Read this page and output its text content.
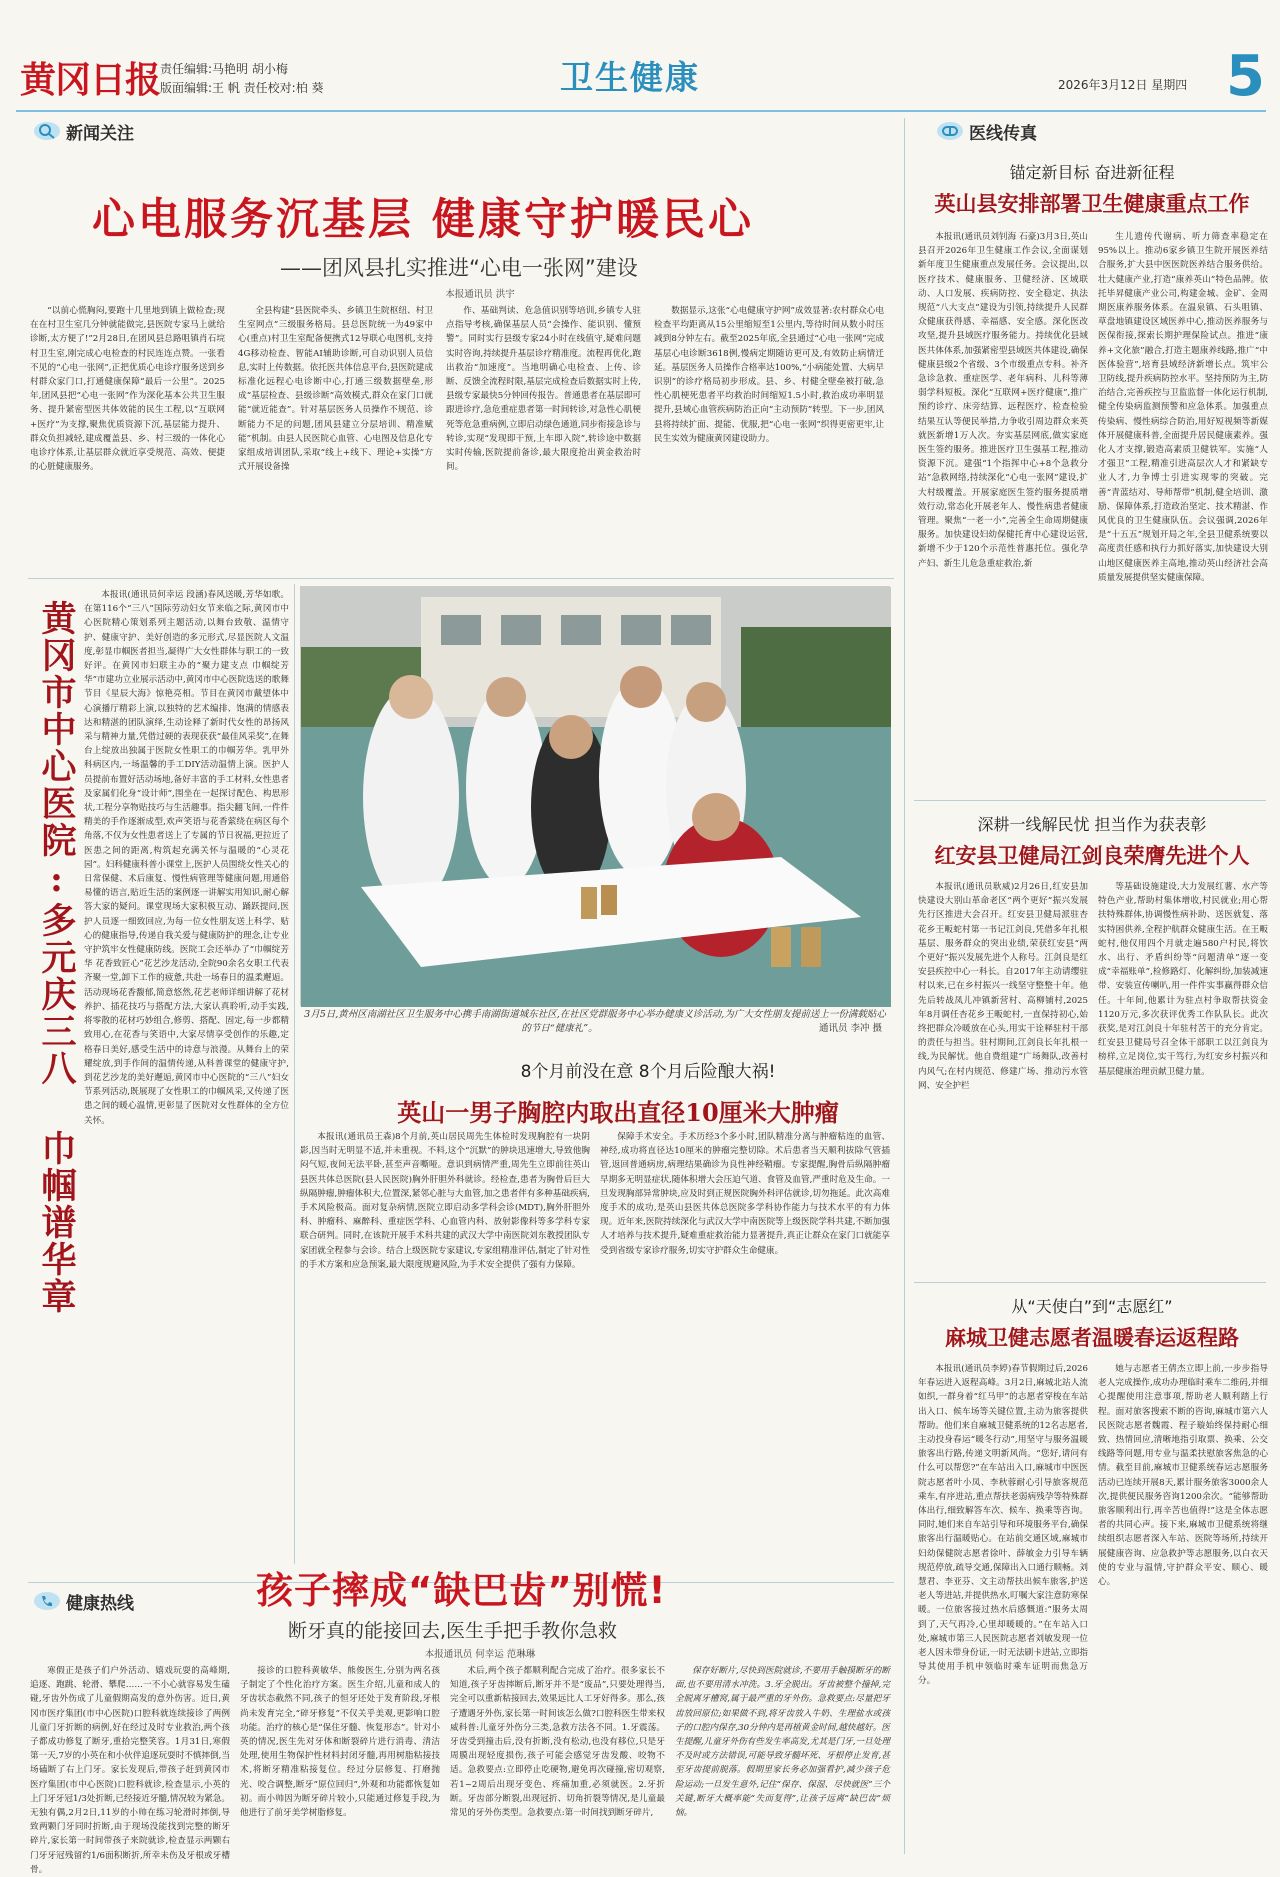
黄冈日报 责任编辑:马艳明 胡小梅
版面编辑:王 帆 责任校对:柏 葵	卫生健康	2026年3月12日 星期四 5
新闻关注	医线传真
心电服务沉基层 健康守护暖民心
——团风县扎实推进“心电一张网”建设
本报通讯员 洪宇

“以前心慌胸闷,要跑十几里地到镇上做检查;现在在村卫生室几分钟就能做完,县医院专家马上就给诊断,太方便了!”2月28日,在团风县总路咀镇肖石垸村卫生室,刚完成心电检查的村民连连点赞。一张看不见的“心电一张网”,正把优质心电诊疗服务送到乡村群众家门口,打通健康保障“最后一公里”。2025年,团风县把“心电一张网”作为深化基本公共卫生服务、提升紧密型医共体效能的民生工程,以“互联网+医疗”为支撑,聚焦优质资源下沉,基层能力提升、群众负担减轻,建成覆盖县、乡、村三级的一体化心电诊疗体系,让基层群众就近享受规范、高效、便捷的心脏健康服务。

全县构建“县医院牵头、乡镇卫生院枢纽、村卫生室网点”三级服务格局。县总医院统一为49家中心(重点)村卫生室配备便携式12导联心电图机,支持4G移动检查、智能AI辅助诊断,可自动识别人员信息,实时上传数据。依托医共体信息平台,县医院建成标准化远程心电诊断中心,打通三级数据壁垒,形成“基层检查、县级诊断”高效模式,群众在家门口就能“就近能查”。针对基层医务人员操作不规范、诊断能力不足的问题,团风县建立分层培训、精准赋能”机制。由县人民医院心血管、心电图及信息化专家组成培训团队,采取“线上+线下、理论+实操”方式开展设备操

作、基础判读、危急值识别等培训,乡镇专人驻点指导考核,确保基层人员“会操作、能识别、懂预警”。同时实行县级专家24小时在线值守,疑难问题实时咨询,持续提升基层诊疗精准度。流程再优化,跑出救治“加速度”。当地明确心电检查、上传、诊断、反馈全流程时限,基层完成检查后数据实时上传,县级专家最快5分钟回传报告。普通患者在基层即可跟进诊疗,急危重症患者第一时间转诊,对急性心肌梗死等危急重病例,立即启动绿色通道,同步衔接急诊与转诊,实现“发现即干预,上车即入院”,转诊途中数据实时传输,医院提前备诊,最大限度抢出黄金救治时间。

数据显示,这张“心电健康守护网”成效显著:农村群众心电检查平均距离从15公里缩短至1公里内,等待时间从数小时压减到8分钟左右。截至2025年底,全县通过“心电一张网”完成基层心电诊断3618例,慢病定期随访更可及,有效防止病情迁延。基层医务人员操作合格率达100%,“小病能处置、大病早识别”的诊疗格局初步形成。县、乡、村健全壁垒被打破,急性心肌梗死患者平均救治时间缩短1.5小时,救治成功率明显提升,县域心血管疾病防治正向“主动预防”转型。下一步,团风县将持续扩面、提能、优服,把“心电一张网”织得更密更牢,让民生实效为健康黄冈建设助力。

黄冈市中心医院:多元庆三八 巾帼谱华章

本报讯(通讯员何幸运 段涵)春风送暖,芳华如歌。在第116个“三八”国际劳动妇女节来临之际,黄冈市中心医院精心策划系列主题活动,以舞台致敬、温情守护、健康守护、美好创造的多元形式,尽显医院人文温度,彰显巾帼医者担当,凝得广大女性群体与职工的一致好评。在黄冈市妇联主办的“聚力建支点 巾帼绽芳华”市建功立业展示活动中,黄冈市中心医院选送的歌舞节目《星辰大海》惊艳亮相。节目在黄冈市戴望体中心演播厅精彩上演,以独特的艺术编排、饱满的情感表达和精湛的团队演绎,生动诠释了新时代女性的昂扬风采与精神力量,凭借过硬的表现获获“最佳风采奖”,在舞台上绽放出独属于医院女性职工的巾帼芳华。乳甲外科病区内,一场温馨的手工DIY活动温情上演。医护人员提前布置好活动场地,备好丰富的手工材料,女性患者及家属们化身“设计师”,围坐在一起探讨配色、构思形状,工程分享物贴技巧与生活趣事。指尖翻飞间,一件件精美的手作逐渐成型,欢声笑语与花香萦绕在病区每个角落,不仅为女性患者送上了专属的节日祝福,更拉近了医患之间的距离,构筑起充满关怀与温暖的“心灵花园”。妇科健康科普小课堂上,医护人员围绕女性关心的日常保健、术后康复、慢性病管理等健康问题,用通俗易懂的语言,贴近生活的案例逐一讲解实用知识,耐心解答大家的疑问。课堂现场大家积极互动、踊跃提问,医护人员逐一细致回应,为每一位女性朋友送上科学、贴心的健康指导,传递自我关爱与健康防护的理念,让专业守护筑牢女性健康防线。医院工会还举办了“巾帼绽芳华 花香致匠心”花艺沙龙活动,全院90余名女职工代表齐聚一堂,卸下工作的疲惫,共赴一场春日的温柔邂逅。活动现场花香馥郁,简意悠然,花艺老师详细讲解了花材养护、插花技巧与搭配方法,大家认真聆听,动手实践,将零散的花材巧妙组合,修剪、搭配、固定,每一步都精致用心,在花香与笑语中,大家尽情享受创作的乐趣,定格春日美好,感受生活中的诗意与浪漫。从舞台上的荣耀绽放,到手作间的温情传递,从科普课堂的健康守护,到花艺沙龙的美好邂逅,黄冈市中心医院的“三八”妇女节系列活动,既展现了女性职工的巾帼风采,又传递了医患之间的暖心温情,更彰显了医院对女性群体的全方位关怀。

3月5日,黄州区南湖社区卫生服务中心携手南湖街道城东社区,在社区党群服务中心举办健康义诊活动,为广大女性朋友提前送上一份满载贴心的节日“健康礼”。	通讯员 李冲 摄
8个月前没在意 8个月后险酿大祸!
英山一男子胸腔内取出直径10厘米大肿瘤

本报讯(通讯员王森)8个月前,英山居民周先生体检时发现胸腔有一块阴影,因当时无明显不适,并未重视。不料,这个“沉默”的肿块迅速增大,导致他胸闷气短,夜间无法平卧,甚至声音嘶哑。意识到病情严重,周先生立即前往英山县医共体总医院(县人民医院)胸外肝胆外科就诊。经检查,患者为胸骨后巨大纵隔肿瘤,肿瘤体积大,位置深,紧邻心脏与大血管,加之患者伴有多种基础疾病,手术风险极高。面对复杂病情,医院立即启动多学科会诊(MDT),胸外肝胆外科、肿瘤科、麻醉科、重症医学科、心血管内科、放射影像科等多学科专家联合研判。同时,在该院开展手术科共建的武汉大学中南医院刘东教授团队专家团就全程参与会诊。结合上级医院专家建议,专家组精准评估,制定了针对性的手术方案和应急预案,最大限度规避风险,为手术安全提供了强有力保障。

保障手术安全。手术历经3个多小时,团队精准分离与肿瘤粘连的血管、神经,成功将直径达10厘米的肿瘤完整切除。术后患者当天顺利拔除气管插管,返回普通病房,病理结果确诊为良性神经鞘瘤。专家提醒,胸骨后纵隔肿瘤早期多无明显症状,随体积增大会压迫气道、食管及血管,严重时危及生命。一旦发现胸部异常肿块,应及时到正规医院胸外科评估就诊,切勿拖延。此次高难度手术的成功,是英山县医共体总医院多学科协作能力与技术水平的有力体现。近年来,医院持续深化与武汉大学中南医院等上级医院学科共建,不断加强人才培养与技术提升,疑难重症救治能力显著提升,真正让群众在家门口就能享受到省级专家诊疗服务,切实守护群众生命健康。

健康热线	孩子摔成“缺巴齿”别慌!
断牙真的能接回去,医生手把手教你急救
本报通讯员 何幸运 范琳琳

寒假正是孩子们户外活动、嬉戏玩耍的高峰期,追逐、跑跳、轮滑、攀爬……一不小心就容易发生磕碰,牙齿外伤成了儿童假期高发的意外伤害。近日,黄冈市医疗集团(市中心医院)口腔科就连续接诊了两例儿童门牙折断的病例,好在经过及时专业救治,两个孩子都成功修复了断牙,重拾完整笑容。1月31日,寒假第一天,7岁的小英在和小伙伴追逐玩耍时不慎摔倒,当场磕断了右上门牙。家长发现后,带孩子赶到黄冈市医疗集团(市中心医院)口腔科就诊,检查显示,小英的上门牙牙冠1/3处折断,已经接近牙髓,情况较为紧急。无独有偶,2月2日,11岁的小帅在练习轮滑时摔倒,导致两颗门牙同时折断,由于现场没能找到完整的断牙碎片,家长第一时间带孩子来院就诊,检查显示两颗右门牙牙冠残留约1/6面积断折,所幸未伤及牙根或牙槽骨。

接诊的口腔科黄敏华、熊俊医生,分别为两名孩子制定了个性化治疗方案。医生介绍,儿童和成人的牙齿状态截然不同,孩子的恒牙还处于发育阶段,牙根尚未发育完全,“碎牙修复”不仅关乎美观,更影响口腔功能。治疗的核心是“保住牙髓、恢复形态”。针对小英的情况,医生先对牙体和断裂碎片进行消毒、清洁处理,使用生物保护性材料封闭牙髓,再用树脂粘接技术,将断牙精准粘接复位。经过分层修复、打磨抛光、咬合调整,断牙“原位回归”,外观和功能都恢复如初。而小帅因为断牙碎片较小,只能通过修复手段,为他进行了前牙美学树脂修复。

术后,两个孩子都顺利配合完成了治疗。很多家长不知道,孩子牙齿摔断后,断牙并不是“废品”,只要处理得当,完全可以重新粘接回去,效果远比人工牙好得多。那么,孩子遭遇牙外伤,家长第一时间该怎么做?口腔科医生带来权威科普:儿童牙外伤分三类,急救方法各不同。1.牙震荡。牙齿受到撞击后,没有折断,没有松动,也没有移位,只是牙周膜出现轻度损伤,孩子可能会感觉牙齿发酸、咬物不适。急救要点:立即停止吃硬物,避免再次碰撞,密切观察,若1~2周后出现牙变色、疼痛加重,必须就医。2.牙折断。牙齿部分断裂,出现冠折、切角折裂等情况,是儿童最常见的牙外伤类型。急救要点:第一时间找到断牙碎片,

保存好断片,尽快到医院就诊,不要用手触摸断牙的断面,也不要用清水冲洗。3.牙全脱出。牙齿被整个撞掉,完全脱离牙槽窝,属于最严重的牙外伤。急救要点:尽量把牙齿放回原位;如果做不到,将牙齿放入牛奶、生理盐水或孩子的口腔内保存,30分钟内是再植黄金时间,越快越好。医生提醒,儿童牙外伤有些发生率高发,尤其是门牙,一旦处理不及时或方法错误,可能导致牙髓坏死、牙根停止发育,甚至牙齿提前脱落。假期里家长务必加强看护,减少孩子危险运动;一旦发生意外,记住“保存、保湿、尽快就医”三个关键,断牙大概率能“失而复得”,让孩子远离“缺巴齿”烦恼。

锚定新目标 奋进新征程
英山县安排部署卫生健康重点工作

本报讯(通讯员刘钊海 石豪)3月3日,英山县召开2026年卫生健康工作会议,全面谋划新年度卫生健康重点发展任务。会议提出,以医疗技术、健康服务、卫健经济、区域联动、人口发展、疾病防控、安全稳定、执法规范“八大支点”建设为引领,持续提升人民群众健康获得感、幸福感、安全感。深化医改攻坚,提升县域医疗服务能力。持续优化县域医共体体系,加强紧密型县域医共体建设,确保健康县级2个省级、3个市级重点专科。补齐急诊急救、重症医学、老年病科、儿科等薄弱学科短板。深化“互联网+医疗健康”,推广预约诊疗、床旁结算、远程医疗、检查检验结果互认等便民举措,力争收引周边群众来英就医新增1万人次。夯实基层网底,做实家庭医生签约服务。推进医疗卫生强基工程,推动资源下沉。建强“1个指挥中心+8个急救分站”急救网络,持续深化“心电一张网”建设,扩大村级覆盖。开展家庭医生签约服务提质增效行动,常态化开展老年人、慢性病患者健康管理。聚焦“一老一小”,完善全生命周期健康服务。加快建设妇幼保健托育中心建设运营,新增不少于120个示范性普惠托位。强化孕产妇、新生儿危急重症救治,新

生儿遗传代谢病、听力筛查率稳定在95%以上。推动6家乡镇卫生院开展医养结合服务,扩大县中医医院医养结合服务供给。壮大健康产业,打造“康养英山”特色品牌。依托毕昇健康产业公司,构建金城、金矿、金周期医康养服务体系。在温泉镇、石头咀镇、草盘地镇建设区域医养中心,推动医养服务与医保衔接,探索长期护理保险试点。推进“康养+文化旅”融合,打造主题康养线路,推广“中医体验营”,培育县域经济新增长点。筑牢公卫防线,提升疾病防控水平。坚持预防为主,防治结合,完善疾控与卫监监督一体化运行机制,健全传染病监测预警和应急体系。加强重点传染病、慢性病综合防治,用好短视频等新媒体开展健康科普,全面提升居民健康素养。强化人才支撑,锻造高素质卫健铁军。实施“人才强卫”工程,精准引进高层次人才和紧缺专业人才,力争博士引进实现零的突破。完善“青蓝结对、导师帮带”机制,健全培训、激励、保障体系,打造政治坚定、技术精湛、作风优良的卫生健康队伍。会议强调,2026年是“十五五”规划开局之年,全县卫健系统要以高度责任感和执行力抓好落实,加快建设大别山地区健康医养主高地,推动英山经济社会高质量发展提供坚实健康保障。

深耕一线解民忧 担当作为获表彰
红安县卫健局江剑良荣膺先进个人

本报讯(通讯员耿威)2月26日,红安县加快建设大别山革命老区“两个更好”振兴发展先行区推进大会召开。红安县卫健局派驻杏花乡王畈蛇村第一书记江剑良,凭借多年扎根基层、服务群众的突出业绩,荣获红安县“两个更好”振兴发展先进个人称号。江剑良是红安县疾控中心一科长。自2017年主动请缨驻村以来,已在乡村振兴一线坚守整整十年。他先后转战凤儿冲镇新营村、高柳铺村,2025年8月调任杏花乡王畈蛇村,一直保持初心,始终把群众冷暖放在心头,用实干诠释驻村干部的责任与担当。驻村期间,江剑良长年扎根一线,为民解忧。他自费组建“广场舞队,改善村内风气;在村内规范、修建广场、推动污水管网、安全护栏

等基础设施建设,大力发展红薯、水产等特色产业,帮助村集体增收,村民就业;用心帮扶特殊群体,协调慢性病补助、送医就复、落实特困供养,全程护航群众健康生活。在王畈蛇村,他仅用四个月就走遍580户村民,将饮水、出行、矛盾纠纷等“问题清单”逐一变成“幸福账单”,检修路灯、化解纠纷,加装减速带、安装宣传喇叭,用一件件实事赢得群众信任。十年间,他累计为驻点村争取帮扶资金1120万元,多次获评优秀工作队队长。此次获奖,是对江剑良十年驻村苦干的充分肯定。红安县卫健局号召全体干部职工以江剑良为榜样,立足岗位,实干笃行,为红安乡村振兴和基层健康治理贡献卫健力量。

从“天使白”到“志愿红”
麻城卫健志愿者温暖春运返程路

本报讯(通讯员李婷)春节假期过后,2026年春运进入返程高峰。3月2日,麻城北站人流如织,一群身着“红马甲”的志愿者穿梭在车站出入口、候车场等关键位置,主动为旅客提供帮助。他们来自麻城卫健系统的12名志愿者,主动投身春运“暖冬行动”,用坚守与服务温暖旅客出行路,传递文明新风尚。“您好,请问有什么可以帮您?”在车站出入口,麻城市中医医院志愿者叶小凤、李秋蓉耐心引导旅客规范乘车,有序进站,重点帮扶老弱病残孕等特殊群体出行,细致解答车次、候车、换乘等咨询。同时,她们来自车站引导和环境服务平台,确保旅客出行温暖贴心。在站前交通区域,麻城市妇幼保健院志愿者徐叶、薛敏金力引导车辆规范停放,疏导交通,保障出入口通行顺畅。刘慧君、李亚芬、文主动帮扶出候车旅客,护送老人等进站,并提供热水,叮嘱大家注意防寒保暖。一位旅客接过热水后感慨道:“服务太周到了,天气再冷,心里却暖暖的。”在车站入口处,麻城市第三人民医院志愿者刘敏发现一位老人因未带身份证,一时无法刷卡进站,立即指导其使用手机申领临时乘车证明而焦急万分。

她与志愿者王倩杰立即上前,一步步指导老人完成操作,成功办理临时乘车二维码,并细心提醒使用注意事项,帮助老人顺利踏上行程。面对旅客搜索不断的咨询,麻城市第六人民医院志愿者魏霞、程子璇始终保持耐心细致、热情回应,清晰地指引取票、换乘、公交线路等问题,用专业与温柔扶慰旅客焦急的心情。截至目前,麻城市卫健系统春运志愿服务活动已连续开展8天,累计服务旅客3000余人次,提供便民服务咨询1200余次。“能够帮助旅客顺利出行,再辛苦也值得!”这是全体志愿者的共同心声。接下来,麻城市卫健系统将继续组织志愿者深入车站、医院等场所,持续开展健康咨询、应急救护等志愿服务,以白衣天使的专业与温情,守护群众平安、顺心、暖心。
